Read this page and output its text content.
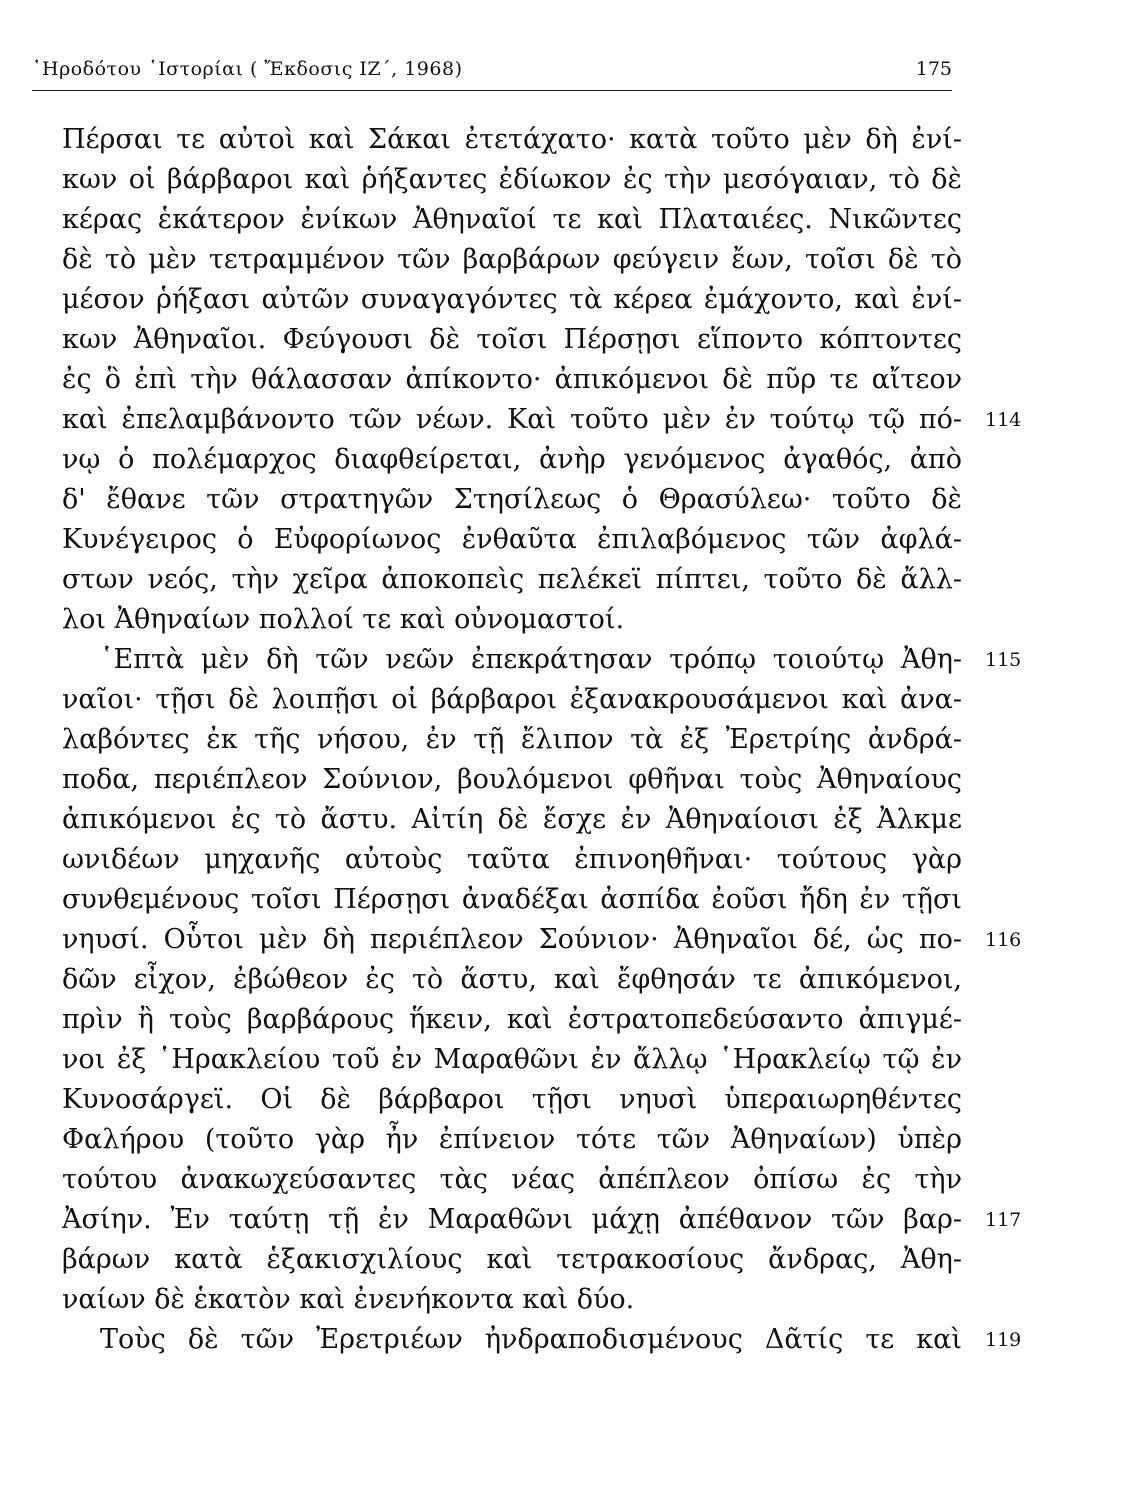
῾Ηροδότου ῾Ιστορίαι ( Ἔκδοσις ΙΖ΄, 1968)	175
Πέρσαι τε αὐτοὶ καὶ Σάκαι ἐτετάχατο· κατὰ τοῦτο μὲν δὴ ἐνί-
κων οἱ βάρβαροι καὶ ῥήξαντες ἐδίωκον ἐς τὴν μεσόγαιαν, τὸ δὲ
κέρας ἑκάτερον ἐνίκων Ἀθηναῖοί τε καὶ Πλαταιέες. Νικῶντες
δὲ τὸ μὲν τετραμμένον τῶν βαρβάρων φεύγειν ἔων, τοῖσι δὲ τὸ
μέσον ῥήξασι αὐτῶν συναγαγόντες τὰ κέρεα ἐμάχοντο, καὶ ἐνί-
κων Ἀθηναῖοι. Φεύγουσι δὲ τοῖσι Πέρσῃσι εἵποντο κόπτοντες
ἐς ὃ ἐπὶ τὴν θάλασσαν ἀπίκοντο· ἀπικόμενοι δὲ πῦρ τε αἴτεον
καὶ ἐπελαμβάνοντο τῶν νέων. Καὶ τοῦτο μὲν ἐν τούτῳ τῷ πό-
νῳ ὁ πολέμαρχος διαφθείρεται, ἀνὴρ γενόμενος ἀγαθός, ἀπὸ
δ' ἔθανε τῶν στρατηγῶν Στησίλεως ὁ Θρασύλεω· τοῦτο δὲ
Κυνέγειρος ὁ Εὐφορίωνος ἐνθαῦτα ἐπιλαβόμενος τῶν ἀφλά-
στων νεός, τὴν χεῖρα ἀποκοπεὶς πελέκεϊ πίπτει, τοῦτο δὲ ἄλλ-
λοι Ἀθηναίων πολλοί τε καὶ οὐνομαστοί.
῾Επτὰ μὲν δὴ τῶν νεῶν ἐπεκράτησαν τρόπῳ τοιούτῳ Ἀθη-
ναῖοι· τῇσι δὲ λοιπῇσι οἱ βάρβαροι ἐξανακρουσάμενοι καὶ ἀνα-
λαβόντες ἐκ τῆς νήσου, ἐν τῇ ἔλιπον τὰ ἐξ Ἐρετρίης ἀνδρά-
ποδα, περιέπλεον Σούνιον, βουλόμενοι φθῆναι τοὺς Ἀθηναίους
ἀπικόμενοι ἐς τὸ ἄστυ. Αἰτίη δὲ ἔσχε ἐν Ἀθηναίοισι ἐξ Ἀλκμε
ωνιδέων μηχανῆς αὐτοὺς ταῦτα ἐπινοηθῆναι· τούτους γὰρ
συνθεμένους τοῖσι Πέρσῃσι ἀναδέξαι ἀσπίδα ἐοῦσι ἤδη ἐν τῇσι
νηυσί. Οὗτοι μὲν δὴ περιέπλεον Σούνιον· Ἀθηναῖοι δέ, ὡς πο-
δῶν εἶχον, ἐβώθεον ἐς τὸ ἄστυ, καὶ ἔφθησάν τε ἀπικόμενοι,
πρὶν ἢ τοὺς βαρβάρους ἥκειν, καὶ ἐστρατοπεδεύσαντο ἀπιγμέ-
νοι ἐξ ῾Ηρακλείου τοῦ ἐν Μαραθῶνι ἐν ἄλλῳ ῾Ηρακλείῳ τῷ ἐν
Κυνοσάργεϊ. Οἱ δὲ βάρβαροι τῇσι νηυσὶ ὑπεραιωρηθέντες
Φαλήρου (τοῦτο γὰρ ἦν ἐπίνειον τότε τῶν Ἀθηναίων) ὑπὲρ
τούτου ἀνακωχεύσαντες τὰς νέας ἀπέπλεον ὀπίσω ἐς τὴν
Ἀσίην. Ἐν ταύτῃ τῇ ἐν Μαραθῶνι μάχῃ ἀπέθανον τῶν βαρ-
βάρων κατὰ ἑξακισχιλίους καὶ τετρακοσίους ἄνδρας, Ἀθη-
ναίων δὲ ἑκατὸν καὶ ἐνενήκοντα καὶ δύο.
Τοὺς δὲ τῶν Ἐρετριέων ἠνδραποδισμένους Δᾶτίς τε καὶ
114
115
116
117
119
